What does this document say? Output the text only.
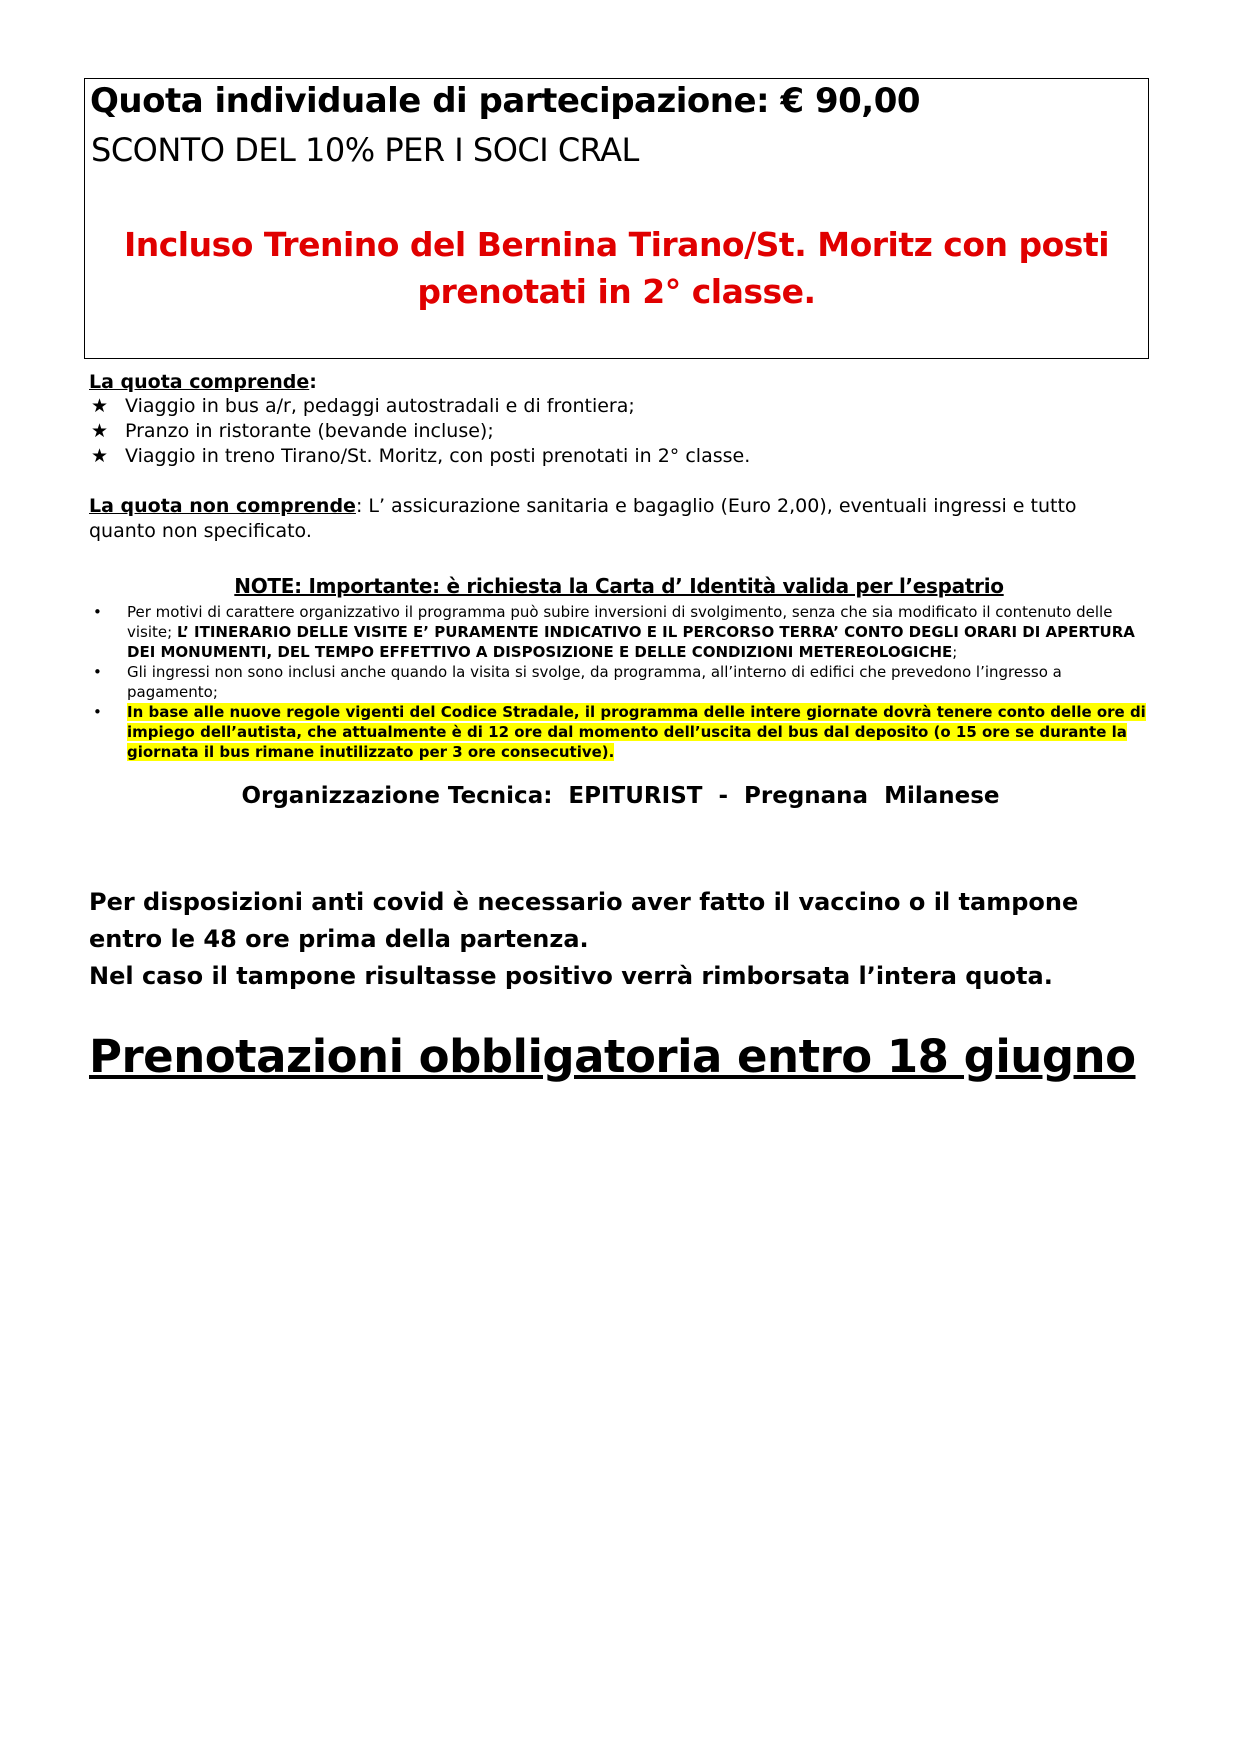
Quota individuale di partecipazione: € 90,00
SCONTO DEL 10% PER I SOCI CRAL
Incluso Trenino del Bernina Tirano/St. Moritz con posti
prenotati in 2° classe.
La quota comprende:
★ Viaggio in bus a/r, pedaggi autostradali e di frontiera;
★ Pranzo in ristorante (bevande incluse);
★ Viaggio in treno Tirano/St. Moritz, con posti prenotati in 2° classe.
La quota non comprende: L’ assicurazione sanitaria e bagaglio (Euro 2,00), eventuali ingressi e tutto quanto non specificato.
NOTE: Importante: è richiesta la Carta d’ Identità valida per l’espatrio
• Per motivi di carattere organizzativo il programma può subire inversioni di svolgimento, senza che sia modificato il contenuto delle visite; L’ ITINERARIO DELLE VISITE E’ PURAMENTE INDICATIVO E IL PERCORSO TERRA’ CONTO DEGLI ORARI DI APERTURA DEI MONUMENTI, DEL TEMPO EFFETTIVO A DISPOSIZIONE E DELLE CONDIZIONI METEREOLOGICHE;
• Gli ingressi non sono inclusi anche quando la visita si svolge, da programma, all’interno di edifici che prevedono l’ingresso a pagamento;
• In base alle nuove regole vigenti del Codice Stradale, il programma delle intere giornate dovrà tenere conto delle ore di impiego dell’autista, che attualmente è di 12 ore dal momento dell’uscita del bus dal deposito (o 15 ore se durante la giornata il bus rimane inutilizzato per 3 ore consecutive).
Organizzazione Tecnica:  EPITURIST  -  Pregnana  Milanese
Per disposizioni anti covid è necessario aver fatto il vaccino o il tampone
entro le 48 ore prima della partenza.
Nel caso il tampone risultasse positivo verrà rimborsata l’intera quota.
Prenotazioni obbligatoria entro 18 giugno
